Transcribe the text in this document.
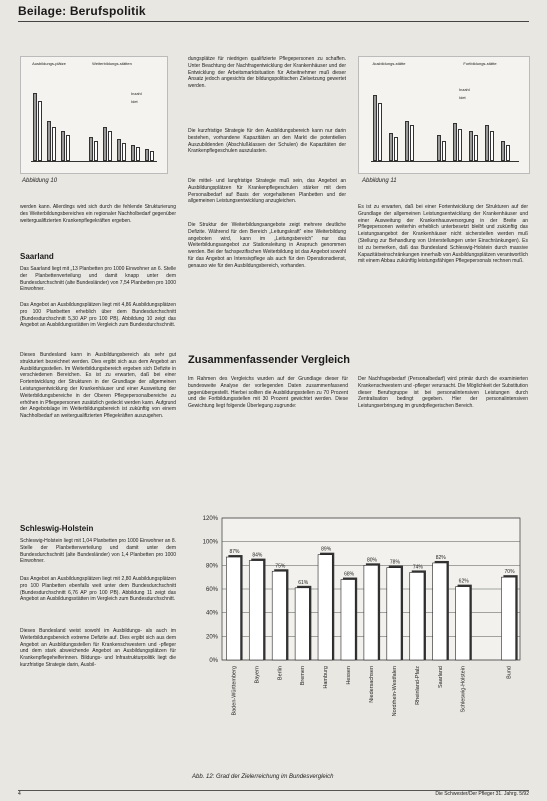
Beilage: Berufspolitik
Ausbildungs-plätze	Weiterbildungs-stätten
Inzahl
Idet
Abbildung 10
Ausbildungs-stätte	Fortbildungs-stätte
Inzahl
Idet
Abbildung 11
werden kann. Allerdings wird sich durch die fehlende Strukturierung des Weiterbildungsbereiches ein regionaler Nachholbedarf gegenüber weitergualifizierten Krankenpflegekräften ergeben.
Saarland
Das Saarland liegt mit „13 Planbetten pro 1000 Einwohner an 6. Stelle der Planbettenverteilung und damit knapp unter dem Bundesdurchschnitt (alte Bundesländer) von 7,54 Planbetten pro 1000 Einwohner.
Das Angebot an Ausbildungsplätzen liegt mit 4,86 Ausbildungsplätzen pro 100 Planbetten erheblich über dem Bundesdurchschnitt (Bundesdurchschnitt 5,30 AP pro 100 PB). Abbildung 10 zeigt das Angebot an Ausbildungsstätten im Vergleich zum Bundesdurchschnitt.
Dieses Bundesland kann in Ausbildungsbereich als sehr gut strukturiert bezeichnet werden. Dies ergibt sich aus dem Angebot an Ausbildungsstellen. Im Weiterbildungsbereich ergeben sich Defizite in verschiedenen Bereichen. Es ist zu erwarten, daß bei einer Fortentwicklung der Strukturen in der Grundlage der allgemeinen Leistungsentwicklung der Krankenhäuser und einer Ausweitung der Weiterbildungsbereiche in der Oberen Pflegepersonalbereiche zu erhöhen in Pflegepersonen zusätzlich gedeckt werden kann. Aufgrund der Angebotslage im Weiterbildungsbereich ist zukünftig von einem Nachholbedarf an weitergualifizierten Pflegekräften auszugehen.
Schleswig-Holstein
Schleswig-Holstein liegt mit 1,04 Planbetten pro 1000 Einwohner an 8. Stelle der Planbettenverteilung und damit unter dem Bundesdurchschnitt (alte Bundesländer) von 1,4 Planbetten pro 1000 Einwohner.
Das Angebot an Ausbildungsplätzen liegt mit 2,80 Ausbildungsplätzen pro 100 Planbetten ebenfalls weit unter dem Bundesdurchschnitt (Bundesdurchschnitt 6,76 AP pro 100 PB). Abbildung 11 zeigt das Angebot an Ausbildungsstätten im Vergleich zum Bundesdurchschnitt.
Dieses Bundesland weist sowohl im Ausbildungs- als auch im Weiterbildungsbereich extreme Defizite auf. Dies ergibt sich aus dem Angebot an Ausbildungsstellen für Krankenschwestern und -pfleger und dem stark abweichende Angebot an Ausbildungsplätzen für Krankenpflegehelferinnen. Bildungs- und Infrastrukturpolitik liegt die kurzfristige Strategie darin, Ausbil-
dungsplätze für niedrigen qualifizierte Pflegepersonen zu schaffen. Unter Beachtung der Nachfragentwicklung der Krankenhäuser und der Entwicklung der Arbeitsmarktsituation für Arbeitnehmer muß dieser Ansatz jedoch angesichts der bildungspolitischen Zielsetzung gewertet werden.
Die kurzfristige Strategie für den Ausbildungsbereich kann nur darin bestehen, vorhandene Kapazitäten an den Markt die potentiellen Auszubildenden (Abschlußklassen der Schulen) die Kapazitäten der Krankenpflegeschulen auszulasten.
Die mittel- und langfristige Strategie muß sein, das Angebot an Ausbildungsplätzen für Krankenpflegeschulen stärker mit dem Personalbedarf auf Basis der vorgehaltenen Planbetten und der allgemeinen Leistungsentwicklung anzugleichen.
Die Struktur der Weiterbildungsangebote zeigt mehrere deutliche Defizite. Während für den Bereich „Leitungskraft“ eine Weiterbildung angeboten wird, kann im „Leitungsbereich“ nur das Weiterbildungsangebot zur Stationsleitung in Anspruch genommen werden. Bei der fachspezifischen Weiterbildung ist das Angebot sowohl für das Angebot an Intensivpflege als auch für den Operationsdienst, genauso wie für den Ausbildungsbereich, vorhanden.
Es ist zu erwarten, daß bei einer Fortentwicklung der Strukturen auf der Grundlage der allgemeinen Leistungsentwicklung der Krankenhäuser und einer Ausweitung der Krankenhausversorgung in der Breite an Pflegepersonen weiterhin erheblich unterbesetzt bleibt und zukünftig das Leistungsangebot der Krankenhäuser nicht sicherstellen werden muß (Stellung zur Behandlung von Unterstellungen unter Einschränkungen). Es ist zu bemerken, daß das Bundesland Schleswig-Holstein durch massive Kapazitätseinschränkungen innerhalb von Ausbildungsplätzen verantwortlich mit einem Abbau zukünftig leistungsfähigen Pflegepersonals rechnen muß.
Zusammenfassender Vergleich
Im Rahmen des Vergleichs wurden auf der Grundlage dieser für bundesweite Analyse der vorliegenden Daten zusammenfassend gegenübergestellt. Hierbei sollten die Ausbildungsstellen zu 70 Prozent und die Fortbildungsstellen mit 30 Prozent gewichtet werden. Diese Gewichtung liegt folgende Überlegung zugrunde:
Der Nachfragebedarf (Personalbedarf) wird primär durch die examinierten Krankenschwestern und -pfleger verursacht. Die Möglichkeit der Substitution dieser Berufsgruppe ist bei personalintensiven Leistungen durch Zentralisation bedingt gegeben. Hier der personalintensiven Leistungserbringung im grundpflegerischen Bereich.
0%
20%
40%
60%
80%
100%
120%
87%
Baden-Württemberg
84%
Bayern
75%
Berlin
61%
Bremen
89%
Hamburg
68%
Hessen
80%
Niedersachsen
78%
Nordrhein-Westfalen
74%
Rheinland-Pfalz
82%
Saarland
62%
Schleswig-Holstein
70%
Bund
Abb. 12: Grad der Zielerreichung im Bundesvergleich
4	Die Schwester/Der Pfleger 31. Jahrg. 5/92
